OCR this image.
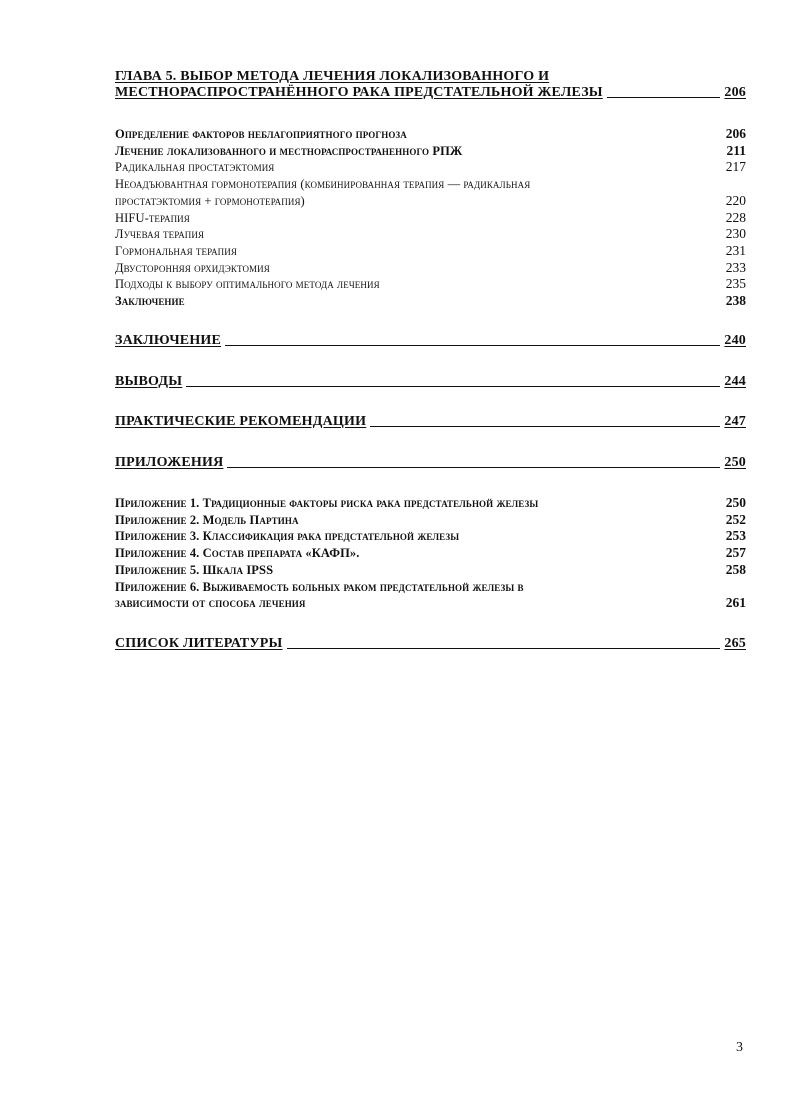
ГЛАВА 5. ВЫБОР МЕТОДА ЛЕЧЕНИЯ ЛОКАЛИЗОВАННОГО И
МЕСТНОРАСПРОСТРАНЁННОГО РАКА ПРЕДСТАТЕЛЬНОЙ ЖЕЛЕЗЫ	206
Определение факторов неблагоприятного прогноза	206
Лечение локализованного и местнораспространенного РПЖ	211
Радикальная простатэктомия	217
Неоадъювантная гормонотерапия (комбинированная терапия — радикальная
простатэктомия + гормонотерапия)	220
HIFU-терапия	228
Лучевая терапия	230
Гормональная терапия	231
Двусторонняя орхидэктомия	233
Подходы к выбору оптимального метода лечения	235
Заключение	238
ЗАКЛЮЧЕНИЕ	240
ВЫВОДЫ	244
ПРАКТИЧЕСКИЕ РЕКОМЕНДАЦИИ	247
ПРИЛОЖЕНИЯ	250
Приложение 1. Традиционные факторы риска рака предстательной железы	250
Приложение 2. Модель Партина	252
Приложение 3. Классификация рака предстательной железы	253
Приложение 4. Состав препарата «КАФП».	257
Приложение 5. Шкала IPSS	258
Приложение 6. Выживаемость больных раком предстательной железы в
зависимости от способа лечения	261
СПИСОК ЛИТЕРАТУРЫ	265
3
